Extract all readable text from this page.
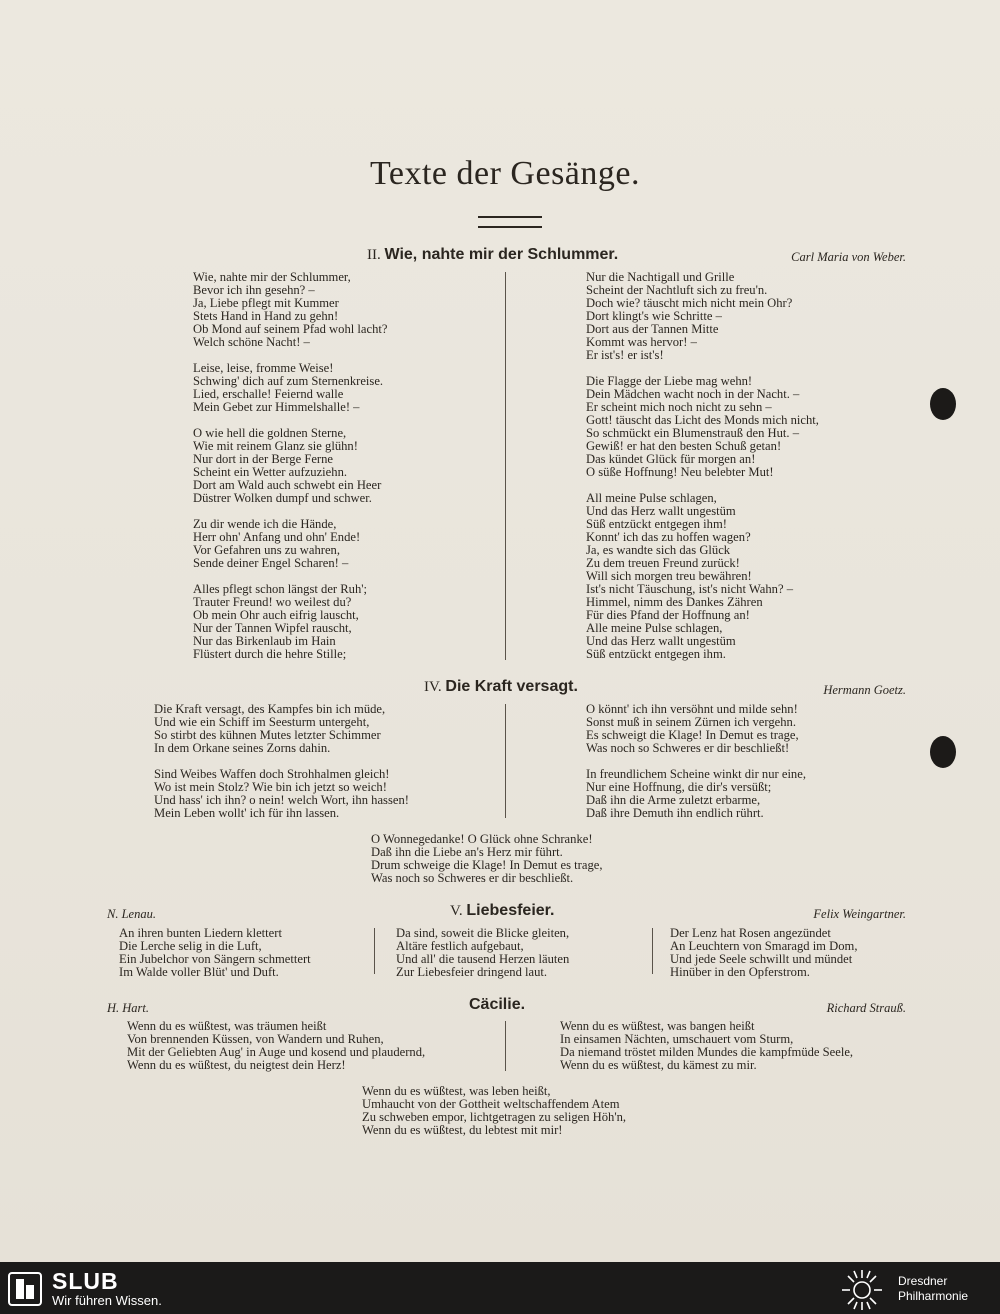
Texte der Gesänge.
II. Wie, nahte mir der Schlummer.	Carl Maria von Weber.
Wie, nahte mir der Schlummer,
Bevor ich ihn gesehn? –
Ja, Liebe pflegt mit Kummer
Stets Hand in Hand zu gehn!
Ob Mond auf seinem Pfad wohl lacht?
Welch schöne Nacht! –

Leise, leise, fromme Weise!
Schwing' dich auf zum Sternenkreise.
Lied, erschalle! Feiernd walle
Mein Gebet zur Himmelshalle! –

O wie hell die goldnen Sterne,
Wie mit reinem Glanz sie glühn!
Nur dort in der Berge Ferne
Scheint ein Wetter aufzuziehn.
Dort am Wald auch schwebt ein Heer
Düstrer Wolken dumpf und schwer.

Zu dir wende ich die Hände,
Herr ohn' Anfang und ohn' Ende!
Vor Gefahren uns zu wahren,
Sende deiner Engel Scharen! –

Alles pflegt schon längst der Ruh';
Trauter Freund! wo weilest du?
Ob mein Ohr auch eifrig lauscht,
Nur der Tannen Wipfel rauscht,
Nur das Birkenlaub im Hain
Flüstert durch die hehre Stille;
Nur die Nachtigall und Grille
Scheint der Nachtluft sich zu freu'n.
Doch wie? täuscht mich nicht mein Ohr?
Dort klingt's wie Schritte –
Dort aus der Tannen Mitte
Kommt was hervor! –
Er ist's! er ist's!

Die Flagge der Liebe mag wehn!
Dein Mädchen wacht noch in der Nacht. –
Er scheint mich noch nicht zu sehn –
Gott! täuscht das Licht des Monds mich nicht,
So schmückt ein Blumenstrauß den Hut. –
Gewiß! er hat den besten Schuß getan!
Das kündet Glück für morgen an!
O süße Hoffnung! Neu belebter Mut!

All meine Pulse schlagen,
Und das Herz wallt ungestüm
Süß entzückt entgegen ihm!
Konnt' ich das zu hoffen wagen?
Ja, es wandte sich das Glück
Zu dem treuen Freund zurück!
Will sich morgen treu bewähren!
Ist's nicht Täuschung, ist's nicht Wahn? –
Himmel, nimm des Dankes Zähren
Für dies Pfand der Hoffnung an!
Alle meine Pulse schlagen,
Und das Herz wallt ungestüm
Süß entzückt entgegen ihm.
IV. Die Kraft versagt.	Hermann Goetz.
Die Kraft versagt, des Kampfes bin ich müde,
Und wie ein Schiff im Seesturm untergeht,
So stirbt des kühnen Mutes letzter Schimmer
In dem Orkane seines Zorns dahin.

Sind Weibes Waffen doch Strohhalmen gleich!
Wo ist mein Stolz? Wie bin ich jetzt so weich!
Und hass' ich ihn? o nein! welch Wort, ihn hassen!
Mein Leben wollt' ich für ihn lassen.
O könnt' ich ihn versöhnt und milde sehn!
Sonst muß in seinem Zürnen ich vergehn.
Es schweigt die Klage! In Demut es trage,
Was noch so Schweres er dir beschließt!

In freundlichem Scheine winkt dir nur eine,
Nur eine Hoffnung, die dir's versüßt;
Daß ihn die Arme zuletzt erbarme,
Daß ihre Demuth ihn endlich rührt.
O Wonnegedanke! O Glück ohne Schranke!
Daß ihn die Liebe an's Herz mir führt.
Drum schweige die Klage! In Demut es trage,
Was noch so Schweres er dir beschließt.
N. Lenau.	V. Liebesfeier.	Felix Weingartner.
An ihren bunten Liedern klettert
Die Lerche selig in die Luft,
Ein Jubelchor von Sängern schmettert
Im Walde voller Blüt' und Duft.
Da sind, soweit die Blicke gleiten,
Altäre festlich aufgebaut,
Und all' die tausend Herzen läuten
Zur Liebesfeier dringend laut.
Der Lenz hat Rosen angezündet
An Leuchtern von Smaragd im Dom,
Und jede Seele schwillt und mündet
Hinüber in den Opferstrom.
H. Hart.	Cäcilie.	Richard Strauß.
Wenn du es wüßtest, was träumen heißt
Von brennenden Küssen, von Wandern und Ruhen,
Mit der Geliebten Aug' in Auge und kosend und plaudernd,
Wenn du es wüßtest, du neigtest dein Herz!
Wenn du es wüßtest, was bangen heißt
In einsamen Nächten, umschauert vom Sturm,
Da niemand tröstet milden Mundes die kampfmüde Seele,
Wenn du es wüßtest, du kämest zu mir.
Wenn du es wüßtest, was leben heißt,
Umhaucht von der Gottheit weltschaffendem Atem
Zu schweben empor, lichtgetragen zu seligen Höh'n,
Wenn du es wüßtest, du lebtest mit mir!
SLUB
Wir führen Wissen.
Dresdner
Philharmonie
